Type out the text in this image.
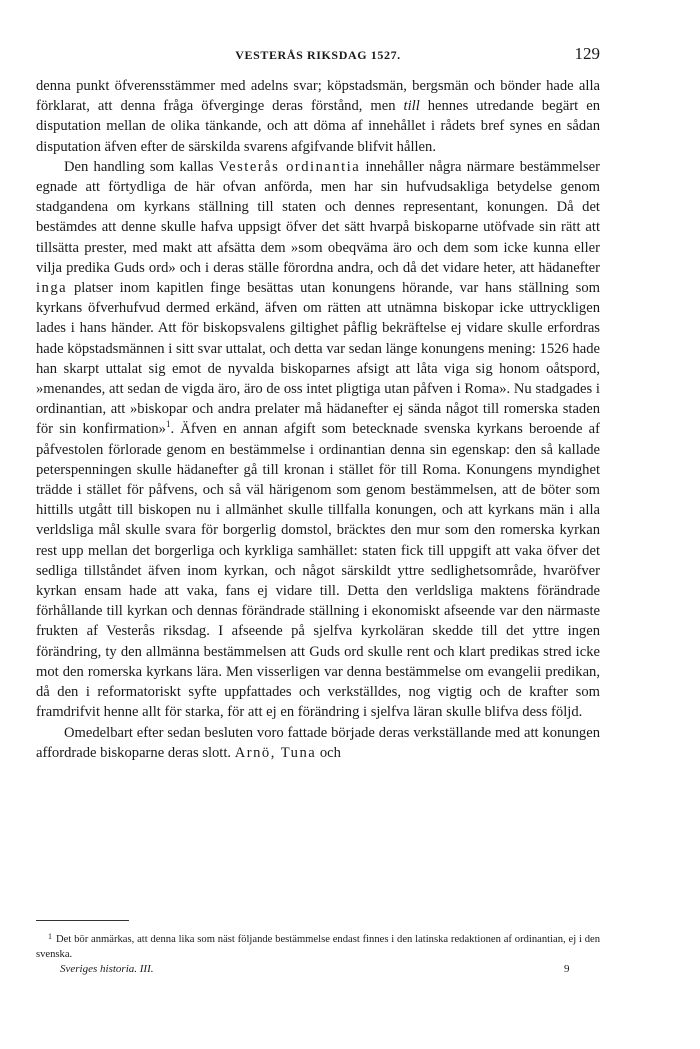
VESTERÅS RIKSDAG 1527.	129

denna punkt öfverensstämmer med adelns svar; köpstadsmän, bergsmän och bönder hade alla förklarat, att denna fråga öfverginge deras förstånd, men till hennes utredande begärt en disputation mellan de olika tänkande, och att döma af innehållet i rådets bref synes en sådan disputation äfven efter de särskilda svarens afgifvande blifvit hållen.

Den handling som kallas Vesterås ordinantia innehåller några närmare bestämmelser egnade att förtydliga de här ofvan anförda, men har sin hufvudsakliga betydelse genom stadgandena om kyrkans ställning till staten och dennes representant, konungen. Då det bestämdes att denne skulle hafva uppsigt öfver det sätt hvarpå biskoparne utöfvade sin rätt att tillsätta prester, med makt att afsätta dem »som obeqväma äro och dem som icke kunna eller vilja predika Guds ord» och i deras ställe förordna andra, och då det vidare heter, att hädanefter inga platser inom kapitlen finge besättas utan konungens hörande, var hans ställning som kyrkans öfverhufvud dermed erkänd, äfven om rätten att utnämna biskopar icke uttryckligen lades i hans händer. Att för biskopsvalens giltighet påflig bekräftelse ej vidare skulle erfordras hade köpstadsmännen i sitt svar uttalat, och detta var sedan länge konungens mening: 1526 hade han skarpt uttalat sig emot de nyvalda biskoparnes afsigt att låta viga sig honom oåtspord, »menandes, att sedan de vigda äro, äro de oss intet pligtiga utan påfven i Roma». Nu stadgades i ordinantian, att »biskopar och andra prelater må hädanefter ej sända något till romerska staden för sin konfirmation»$^1$. Äfven en annan afgift som betecknade svenska kyrkans beroende af påfvestolen förlorade genom en bestämmelse i ordinantian denna sin egenskap: den så kallade peterspenningen skulle hädanefter gå till kronan i stället för till Roma. Konungens myndighet trädde i stället för påfvens, och så väl härigenom som genom bestämmelsen, att de böter som hittills utgått till biskopen nu i allmänhet skulle tillfalla konungen, och att kyrkans män i alla verldsliga mål skulle svara för borgerlig domstol, bräcktes den mur som den romerska kyrkan rest upp mellan det borgerliga och kyrkliga samhället: staten fick till uppgift att vaka öfver det sedliga tillståndet äfven inom kyrkan, och något särskildt yttre sedlighetsområde, hvaröfver kyrkan ensam hade att vaka, fans ej vidare till. Detta den verldsliga maktens förändrade förhållande till kyrkan och dennas förändrade ställning i ekonomiskt afseende var den närmaste frukten af Vesterås riksdag. I afseende på sjelfva kyrkoläran skedde till det yttre ingen förändring, ty den allmänna bestämmelsen att Guds ord skulle rent och klart predikas stred icke mot den romerska kyrkans lära. Men visserligen var denna bestämmelse om evangelii predikan, då den i reformatoriskt syfte uppfattades och verkställdes, nog vigtig och de krafter som framdrifvit henne allt för starka, för att ej en förändring i sjelfva läran skulle blifva dess följd.

Omedelbart efter sedan besluten voro fattade började deras verkställande med att konungen affordrade biskoparne deras slott. Arnö, Tuna och

$^1$ Det bör anmärkas, att denna lika som näst följande bestämmelse endast finnes i den latinska redaktionen af ordinantian, ej i den svenska.
Sveriges historia. III.	9
